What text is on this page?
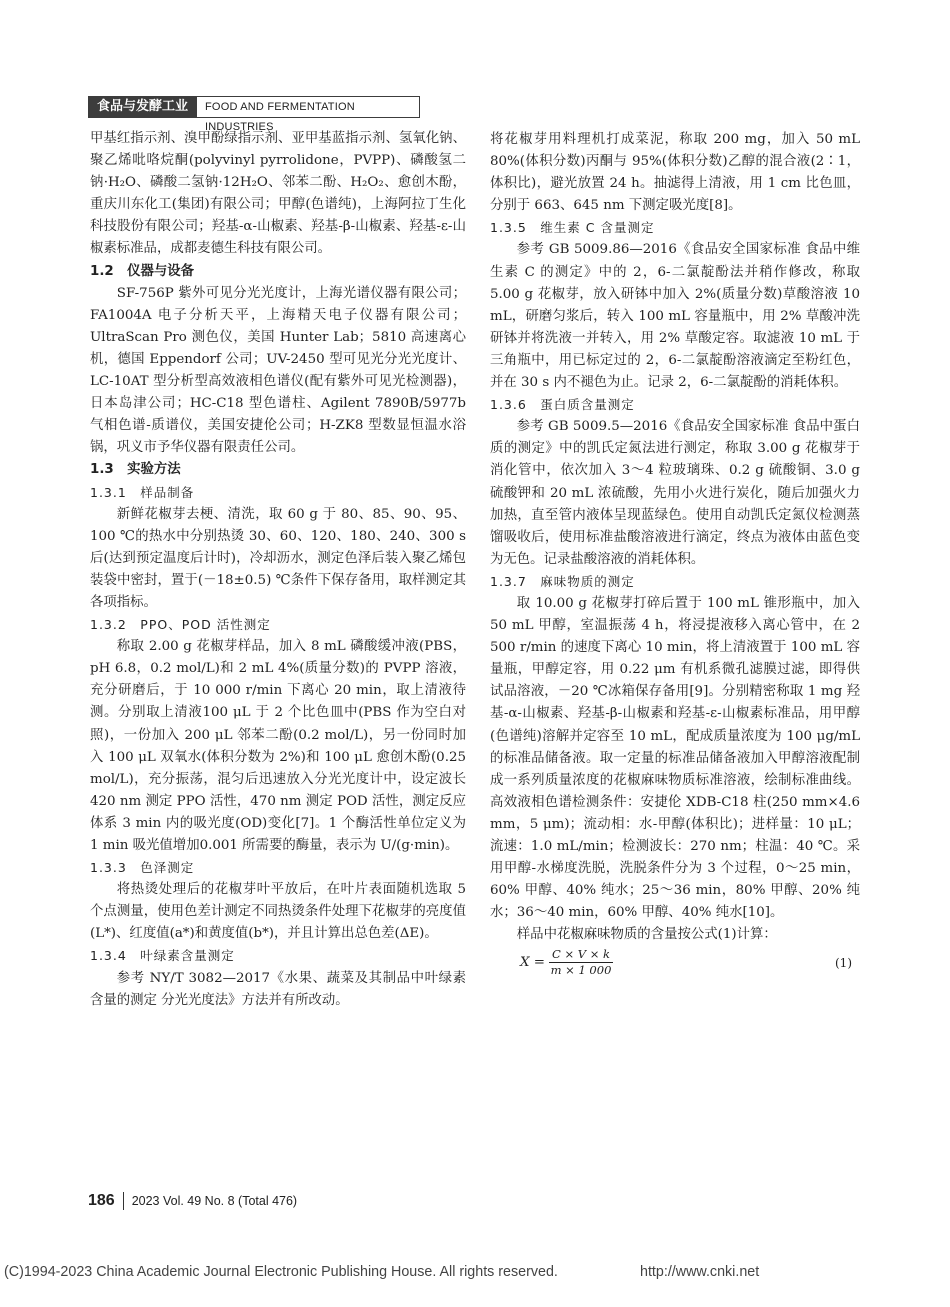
食品与发酵工业	FOOD AND FERMENTATION INDUSTRIES

甲基红指示剂、溴甲酚绿指示剂、亚甲基蓝指示剂、氢氧化钠、聚乙烯吡咯烷酮(polyvinyl pyrrolidone，PVPP)、磷酸氢二钠·H₂O、磷酸二氢钠·12H₂O、邻苯二酚、H₂O₂、愈创木酚，重庆川东化工(集团)有限公司；甲醇(色谱纯)，上海阿拉丁生化科技股份有限公司；羟基-α-山椒素、羟基-β-山椒素、羟基-ε-山椒素标准品，成都麦德生科技有限公司。

1.2　仪器与设备

SF-756P 紫外可见分光光度计，上海光谱仪器有限公司；FA1004A 电子分析天平，上海精天电子仪器有限公司；UltraScan Pro 测色仪，美国 Hunter Lab；5810 高速离心机，德国 Eppendorf 公司；UV-2450 型可见光分光光度计、LC-10AT 型分析型高效液相色谱仪(配有紫外可见光检测器)，日本岛津公司；HC-C18 型色谱柱、Agilent 7890B/5977b 气相色谱-质谱仪，美国安捷伦公司；H-ZK8 型数显恒温水浴锅，巩义市予华仪器有限责任公司。

1.3　实验方法

1.3.1　样品制备

新鲜花椒芽去梗、清洗，取 60 g 于 80、85、90、95、100 ℃的热水中分别热烫 30、60、120、180、240、300 s 后(达到预定温度后计时)，冷却沥水，测定色泽后装入聚乙烯包装袋中密封，置于(－18±0.5) ℃条件下保存备用，取样测定其各项指标。

1.3.2　PPO、POD 活性测定

称取 2.00 g 花椒芽样品，加入 8 mL 磷酸缓冲液(PBS，pH 6.8，0.2 mol/L)和 2 mL 4%(质量分数)的 PVPP 溶液，充分研磨后，于 10 000 r/min 下离心 20 min，取上清液待测。分别取上清液100 μL 于 2 个比色皿中(PBS 作为空白对照)，一份加入 200 μL 邻苯二酚(0.2 mol/L)，另一份同时加入 100 μL 双氧水(体积分数为 2%)和 100 μL 愈创木酚(0.25 mol/L)，充分振荡，混匀后迅速放入分光光度计中，设定波长 420 nm 测定 PPO 活性，470 nm 测定 POD 活性，测定反应体系 3 min 内的吸光度(OD)变化[7]。1 个酶活性单位定义为 1 min 吸光值增加0.001 所需要的酶量，表示为 U/(g·min)。

1.3.3　色泽测定

将热烫处理后的花椒芽叶平放后，在叶片表面随机选取 5 个点测量，使用色差计测定不同热烫条件处理下花椒芽的亮度值(L*)、红度值(a*)和黄度值(b*)，并且计算出总色差(ΔE)。

1.3.4　叶绿素含量测定

参考 NY/T 3082—2017《水果、蔬菜及其制品中叶绿素含量的测定 分光光度法》方法并有所改动。

将花椒芽用料理机打成菜泥，称取 200 mg，加入 50 mL 80%(体积分数)丙酮与 95%(体积分数)乙醇的混合液(2∶1，体积比)，避光放置 24 h。抽滤得上清液，用 1 cm 比色皿，分别于 663、645 nm 下测定吸光度[8]。

1.3.5　维生素 C 含量测定

参考 GB 5009.86—2016《食品安全国家标准 食品中维生素 C 的测定》中的 2，6-二氯靛酚法并稍作修改，称取 5.00 g 花椒芽，放入研钵中加入 2%(质量分数)草酸溶液 10 mL，研磨匀浆后，转入 100 mL 容量瓶中，用 2% 草酸冲洗研钵并将洗液一并转入，用 2% 草酸定容。取滤液 10 mL 于三角瓶中，用已标定过的 2，6-二氯靛酚溶液滴定至粉红色，并在 30 s 内不褪色为止。记录 2，6-二氯靛酚的消耗体积。

1.3.6　蛋白质含量测定

参考 GB 5009.5—2016《食品安全国家标准 食品中蛋白质的测定》中的凯氏定氮法进行测定，称取 3.00 g 花椒芽于消化管中，依次加入 3～4 粒玻璃珠、0.2 g 硫酸铜、3.0 g 硫酸钾和 20 mL 浓硫酸，先用小火进行炭化，随后加强火力加热，直至管内液体呈现蓝绿色。使用自动凯氏定氮仪检测蒸馏吸收后，使用标准盐酸溶液进行滴定，终点为液体由蓝色变为无色。记录盐酸溶液的消耗体积。

1.3.7　麻味物质的测定

取 10.00 g 花椒芽打碎后置于 100 mL 锥形瓶中，加入 50 mL 甲醇，室温振荡 4 h，将浸提液移入离心管中，在 2 500 r/min 的速度下离心 10 min，将上清液置于 100 mL 容量瓶，甲醇定容，用 0.22 μm 有机系微孔滤膜过滤，即得供试品溶液，－20 ℃冰箱保存备用[9]。分别精密称取 1 mg 羟基-α-山椒素、羟基-β-山椒素和羟基-ε-山椒素标准品，用甲醇(色谱纯)溶解并定容至 10 mL，配成质量浓度为 100 μg/mL 的标准品储备液。取一定量的标准品储备液加入甲醇溶液配制成一系列质量浓度的花椒麻味物质标准溶液，绘制标准曲线。高效液相色谱检测条件：安捷伦 XDB-C18 柱(250 mm×4.6 mm，5 μm)；流动相：水-甲醇(体积比)；进样量：10 μL；流速：1.0 mL/min；检测波长：270 nm；柱温：40 ℃。采用甲醇-水梯度洗脱，洗脱条件分为 3 个过程，0～25 min，60% 甲醇、40% 纯水；25～36 min，80% 甲醇、20% 纯水；36～40 min，60% 甲醇、40% 纯水[10]。

样品中花椒麻味物质的含量按公式(1)计算：

$X = \frac{C \times V \times k}{m \times 1 000}$	(1)
186	2023 Vol. 49 No. 8 (Total 476)
(C)1994-2023 China Academic Journal Electronic Publishing House. All rights reserved.	http://www.cnki.net
